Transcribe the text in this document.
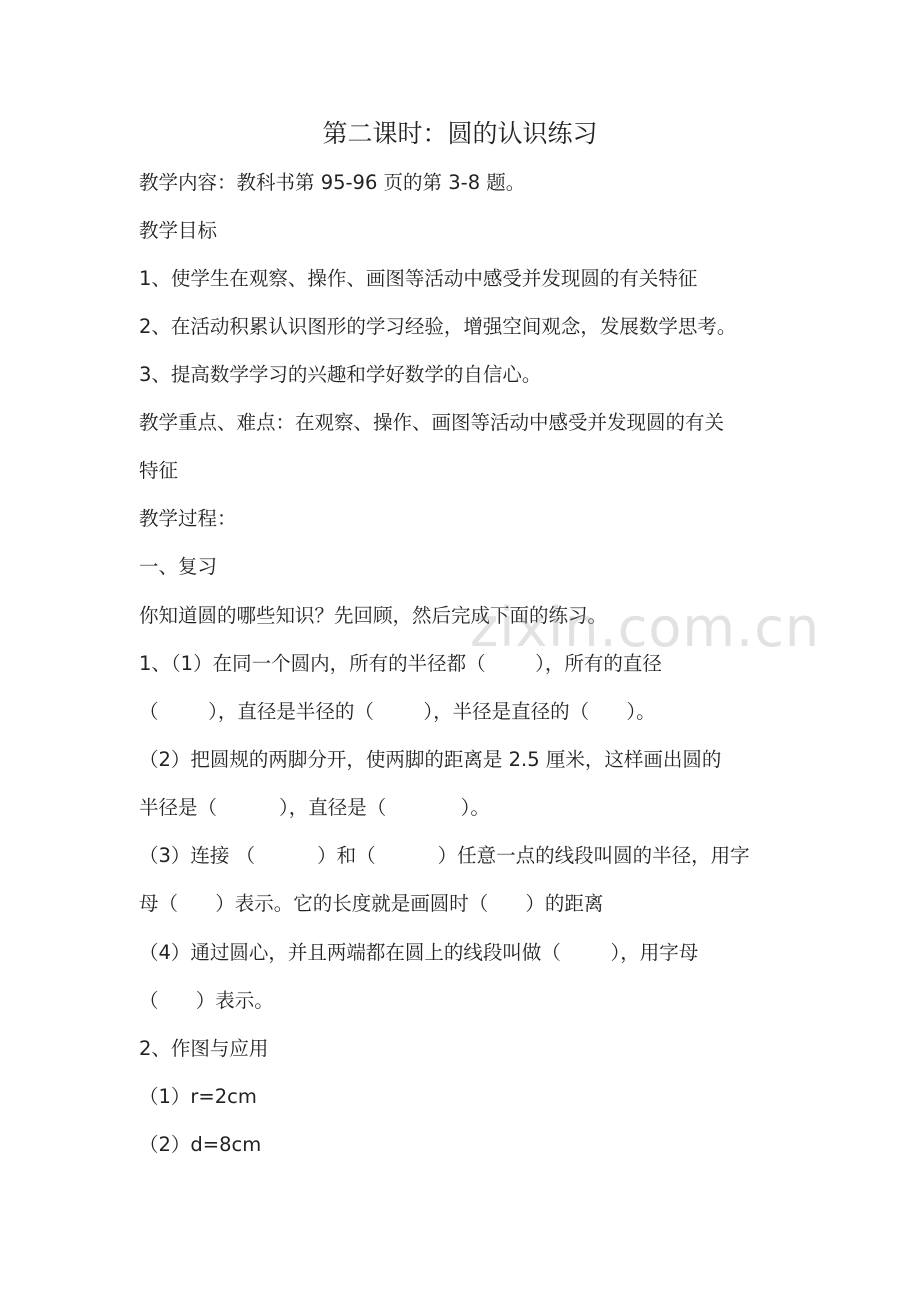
第二课时：圆的认识练习
教学内容：教科书第 95-96 页的第 3-8 题。
教学目标
1、使学生在观察、操作、画图等活动中感受并发现圆的有关特征
2、在活动积累认识图形的学习经验，增强空间观念，发展数学思考。
3、提高数学学习的兴趣和学好数学的自信心。
教学重点、难点：在观察、操作、画图等活动中感受并发现圆的有关
特征
教学过程：
一、复习
你知道圆的哪些知识？先回顾，然后完成下面的练习。
1、（1）在同一个圆内，所有的半径都（        ），所有的直径
（        ），直径是半径的（        ），半径是直径的（      ）。
（2）把圆规的两脚分开，使两脚的距离是 2.5 厘米，这样画出圆的
半径是（          ），直径是（            ）。
（3）连接 （          ）和（          ）任意一点的线段叫圆的半径，用字
母（      ）表示。它的长度就是画圆时（      ）的距离
（4）通过圆心，并且两端都在圆上的线段叫做（        ），用字母
（      ）表示。
2、作图与应用
（1）r=2cm
（2）d=8cm
zixin.com.cn
